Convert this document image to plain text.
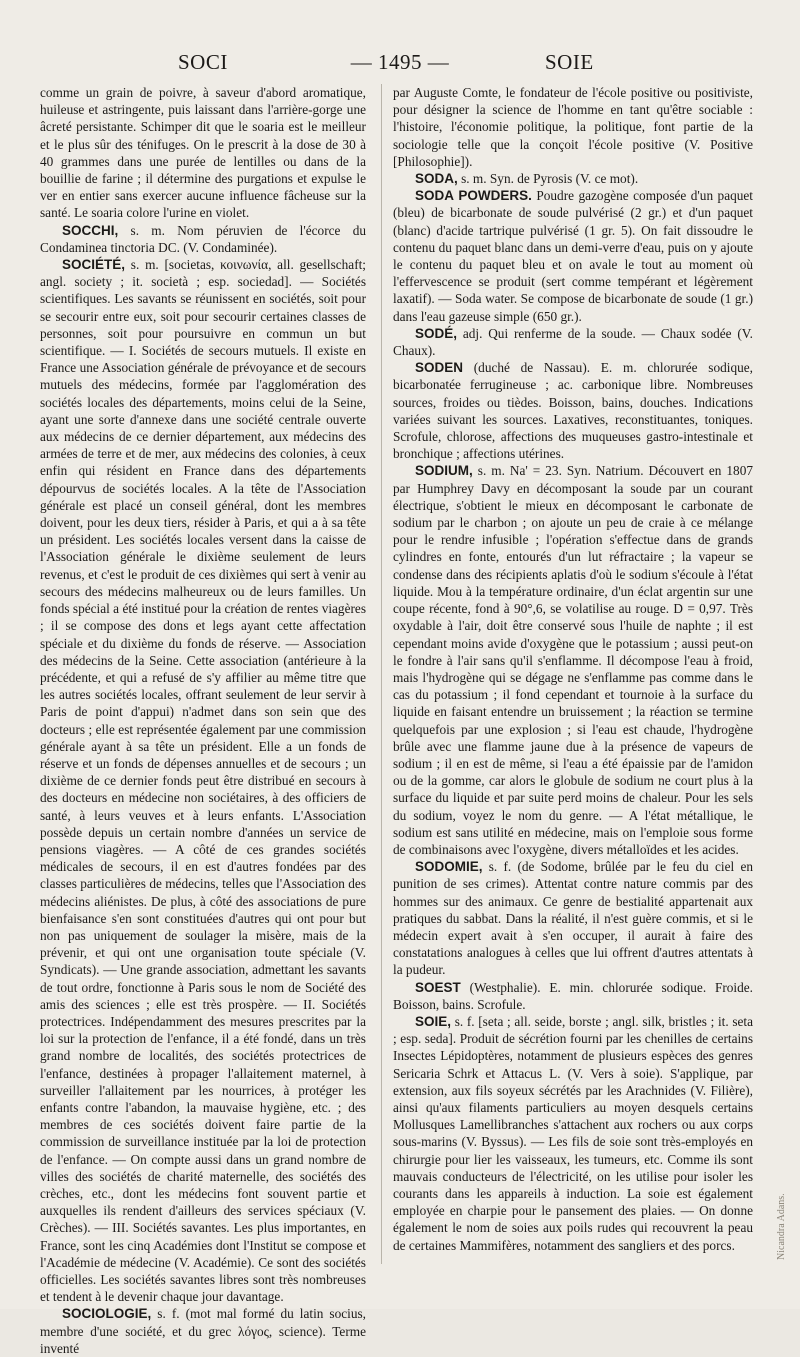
SOCI	— 1495 —	SOIE

comme un grain de poivre, à saveur d'abord aromatique, huileuse et astringente, puis laissant dans l'arrière-gorge une âcreté persistante. Schimper dit que le soaria est le meilleur et le plus sûr des ténifuges. On le prescrit à la dose de 30 à 40 grammes dans une purée de lentilles ou dans de la bouillie de farine ; il détermine des purgations et expulse le ver en entier sans exercer aucune influence fâcheuse sur la santé. Le soaria colore l'urine en violet.

SOCCHI, s. m. Nom péruvien de l'écorce du Condaminea tinctoria DC. (V. Condaminée).

SOCIÉTÉ, s. m. [societas, κοινωνία, all. gesellschaft; angl. society ; it. società ; esp. sociedad]. — Sociétés scientifiques. Les savants se réunissent en sociétés, soit pour se secourir entre eux, soit pour secourir certaines classes de personnes, soit pour poursuivre en commun un but scientifique. — I. Sociétés de secours mutuels. Il existe en France une Association générale de prévoyance et de secours mutuels des médecins, formée par l'agglomération des sociétés locales des départements, moins celui de la Seine, ayant une sorte d'annexe dans une société centrale ouverte aux médecins de ce dernier département, aux médecins des armées de terre et de mer, aux médecins des colonies, à ceux enfin qui résident en France dans des départements dépourvus de sociétés locales. A la tête de l'Association générale est placé un conseil général, dont les membres doivent, pour les deux tiers, résider à Paris, et qui a à sa tête un président. Les sociétés locales versent dans la caisse de l'Association générale le dixième seulement de leurs revenus, et c'est le produit de ces dixièmes qui sert à venir au secours des médecins malheureux ou de leurs familles. Un fonds spécial a été institué pour la création de rentes viagères ; il se compose des dons et legs ayant cette affectation spéciale et du dixième du fonds de réserve. — Association des médecins de la Seine. Cette association (antérieure à la précédente, et qui a refusé de s'y affilier au même titre que les autres sociétés locales, offrant seulement de leur servir à Paris de point d'appui) n'admet dans son sein que des docteurs ; elle est représentée également par une commission générale ayant à sa tête un président. Elle a un fonds de réserve et un fonds de dépenses annuelles et de secours ; un dixième de ce dernier fonds peut être distribué en secours à des docteurs en médecine non sociétaires, à des officiers de santé, à leurs veuves et à leurs enfants. L'Association possède depuis un certain nombre d'années un service de pensions viagères. — A côté de ces grandes sociétés médicales de secours, il en est d'autres fondées par des classes particulières de médecins, telles que l'Association des médecins aliénistes. De plus, à côté des associations de pure bienfaisance s'en sont constituées d'autres qui ont pour but non pas uniquement de soulager la misère, mais de la prévenir, et qui ont une organisation toute spéciale (V. Syndicats). — Une grande association, admettant les savants de tout ordre, fonctionne à Paris sous le nom de Société des amis des sciences ; elle est très prospère. — II. Sociétés protectrices. Indépendamment des mesures prescrites par la loi sur la protection de l'enfance, il a été fondé, dans un très grand nombre de localités, des sociétés protectrices de l'enfance, destinées à propager l'allaitement maternel, à surveiller l'allaitement par les nourrices, à protéger les enfants contre l'abandon, la mauvaise hygiène, etc. ; des membres de ces sociétés doivent faire partie de la commission de surveillance instituée par la loi de protection de l'enfance. — On compte aussi dans un grand nombre de villes des sociétés de charité maternelle, des sociétés des crèches, etc., dont les médecins font souvent partie et auxquelles ils rendent d'ailleurs des services spéciaux (V. Crèches). — III. Sociétés savantes. Les plus importantes, en France, sont les cinq Académies dont l'Institut se compose et l'Académie de médecine (V. Académie). Ce sont des sociétés officielles. Les sociétés savantes libres sont très nombreuses et tendent à le devenir chaque jour davantage.

SOCIOLOGIE, s. f. (mot mal formé du latin socius, membre d'une société, et du grec λόγος, science). Terme inventé

par Auguste Comte, le fondateur de l'école positive ou positiviste, pour désigner la science de l'homme en tant qu'être sociable : l'histoire, l'économie politique, la politique, font partie de la sociologie telle que la conçoit l'école positive (V. Positive [Philosophie]).

SODA, s. m. Syn. de Pyrosis (V. ce mot).

SODA POWDERS. Poudre gazogène composée d'un paquet (bleu) de bicarbonate de soude pulvérisé (2 gr.) et d'un paquet (blanc) d'acide tartrique pulvérisé (1 gr. 5). On fait dissoudre le contenu du paquet blanc dans un demi-verre d'eau, puis on y ajoute le contenu du paquet bleu et on avale le tout au moment où l'effervescence se produit (sert comme tempérant et légèrement laxatif). — Soda water. Se compose de bicarbonate de soude (1 gr.) dans l'eau gazeuse simple (650 gr.).

SODÉ, adj. Qui renferme de la soude. — Chaux sodée (V. Chaux).

SODEN (duché de Nassau). E. m. chlorurée sodique, bicarbonatée ferrugineuse ; ac. carbonique libre. Nombreuses sources, froides ou tièdes. Boisson, bains, douches. Indications variées suivant les sources. Laxatives, reconstituantes, toniques. Scrofule, chlorose, affections des muqueuses gastro-intestinale et bronchique ; affections utérines.

SODIUM, s. m. Na' = 23. Syn. Natrium. Découvert en 1807 par Humphrey Davy en décomposant la soude par un courant électrique, s'obtient le mieux en décomposant le carbonate de sodium par le charbon ; on ajoute un peu de craie à ce mélange pour le rendre infusible ; l'opération s'effectue dans de grands cylindres en fonte, entourés d'un lut réfractaire ; la vapeur se condense dans des récipients aplatis d'où le sodium s'écoule à l'état liquide. Mou à la température ordinaire, d'un éclat argentin sur une coupe récente, fond à 90°,6, se volatilise au rouge. D = 0,97. Très oxydable à l'air, doit être conservé sous l'huile de naphte ; il est cependant moins avide d'oxygène que le potassium ; aussi peut-on le fondre à l'air sans qu'il s'enflamme. Il décompose l'eau à froid, mais l'hydrogène qui se dégage ne s'enflamme pas comme dans le cas du potassium ; il fond cependant et tournoie à la surface du liquide en faisant entendre un bruissement ; la réaction se termine quelquefois par une explosion ; si l'eau est chaude, l'hydrogène brûle avec une flamme jaune due à la présence de vapeurs de sodium ; il en est de même, si l'eau a été épaissie par de l'amidon ou de la gomme, car alors le globule de sodium ne court plus à la surface du liquide et par suite perd moins de chaleur. Pour les sels du sodium, voyez le nom du genre. — A l'état métallique, le sodium est sans utilité en médecine, mais on l'emploie sous forme de combinaisons avec l'oxygène, divers métalloïdes et les acides.

SODOMIE, s. f. (de Sodome, brûlée par le feu du ciel en punition de ses crimes). Attentat contre nature commis par des hommes sur des animaux. Ce genre de bestialité appartenait aux pratiques du sabbat. Dans la réalité, il n'est guère commis, et si le médecin expert avait à s'en occuper, il aurait à faire des constatations analogues à celles que lui offrent d'autres attentats à la pudeur.

SOEST (Westphalie). E. min. chlorurée sodique. Froide. Boisson, bains. Scrofule.

SOIE, s. f. [seta ; all. seide, borste ; angl. silk, bristles ; it. seta ; esp. seda]. Produit de sécrétion fourni par les chenilles de certains Insectes Lépidoptères, notamment de plusieurs espèces des genres Sericaria Schrk et Attacus L. (V. Vers à soie). S'applique, par extension, aux fils soyeux sécrétés par les Arachnides (V. Filière), ainsi qu'aux filaments particuliers au moyen desquels certains Mollusques Lamellibranches s'attachent aux rochers ou aux corps sous-marins (V. Byssus). — Les fils de soie sont très-employés en chirurgie pour lier les vaisseaux, les tumeurs, etc. Comme ils sont mauvais conducteurs de l'électricité, on les utilise pour isoler les courants dans les appareils à induction. La soie est également employée en charpie pour le pansement des plaies. — On donne également le nom de soies aux poils rudes qui recouvrent la peau de certaines Mammifères, notamment des sangliers et des porcs.	Nicandra Adans.
